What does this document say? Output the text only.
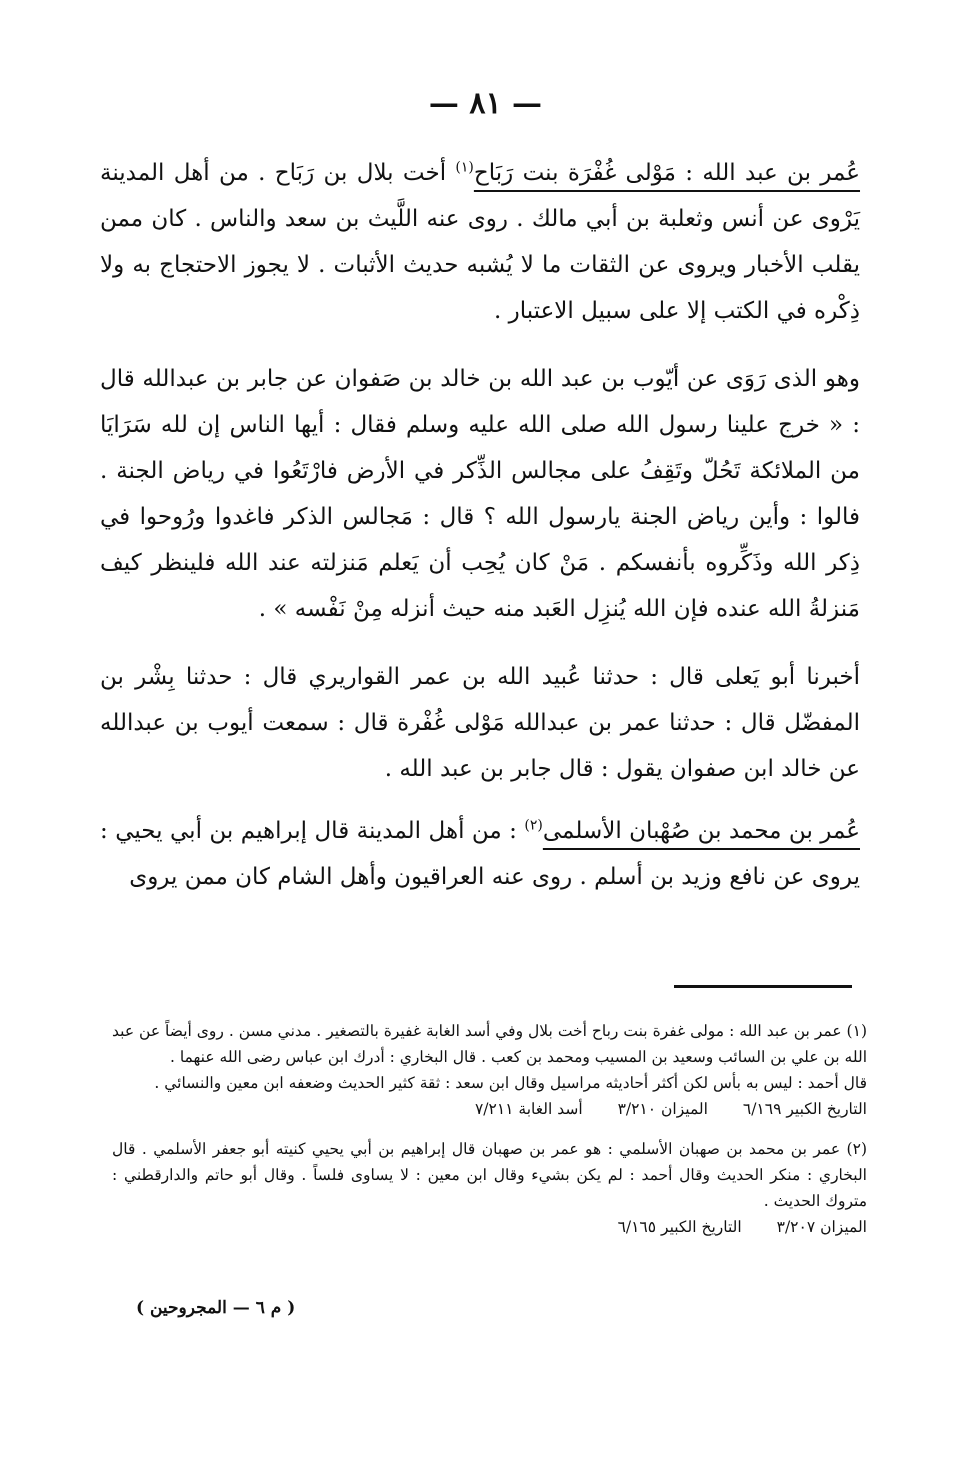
— ٨١ —

عُمر بن عبد الله : مَوْلى غُفْرَة بنت رَبَاح$^{(١)}$ أخت بلال بن رَبَاح . من أهل المدينة يَرْوى عن أنس وثعلبة بن أبي مالك . روى عنه اللَّيث بن سعد والناس . كان ممن يقلب الأخبار ويروى عن الثقات ما لا يُشبه حديث الأثبات . لا يجوز الاحتجاج به ولا ذِكْره في الكتب إلا على سبيل الاعتبار .

وهو الذى رَوَى عن أيّوب بن عبد الله بن خالد بن صَفوان عن جابر بن عبدالله قال : « خرج علينا رسول الله صلى الله عليه وسلم فقال : أيها الناس إن لله سَرَايَا من الملائكة تَحُلّ وتَقِفُ على مجالس الذِّكر في الأرض فارْتَعُوا في رياض الجنة . فالوا : وأين رياض الجنة يارسول الله ؟ قال : مَجالس الذكر فاغدوا ورُوحوا في ذِكر الله وذَكِّروه بأنفسكم . مَنْ كان يُحِب أن يَعلم مَنزلته عند الله فلينظر كيف مَنزلةُ الله عنده فإن الله يُنزِل العَبد منه حيث أنزله مِنْ نَفْسه » .

أخبرنا أبو يَعلى قال : حدثنا عُبيد الله بن عمر القواريري قال : حدثنا بِشْر بن المفضّل قال : حدثنا عمر بن عبدالله مَوْلى غُفْرة قال : سمعت أيوب بن عبدالله عن خالد ابن صفوان يقول : قال جابر بن عبد الله .

عُمر بن محمد بن صُهْبان الأسلمى$^{(٢)}$ : من أهل المدينة قال إبراهيم بن أبي يحيي : يروى عن نافع وزيد بن أسلم . روى عنه العراقيون وأهل الشام كان ممن يروى

(١) عمر بن عبد الله : مولى غفرة بنت رباح أخت بلال وفي أسد الغابة غفيرة بالتصغير . مدني مسن . روى أيضاً عن عبد الله بن علي بن السائب وسعيد بن المسيب ومحمد بن كعب . قال البخاري : أدرك ابن عباس رضى الله عنهما .
قال أحمد : ليس به بأس لكن أكثر أحاديثه مراسيل وقال ابن سعد : ثقة كثير الحديث وضعفه ابن معين والنسائي .
التاريخ الكبير ٦/١٦٩ الميزان ٣/٢١٠ أسد الغابة ٧/٢١١

(٢) عمر بن محمد بن صهبان الأسلمي : هو عمر بن صهبان قال إبراهيم بن أبي يحيي كنيته أبو جعفر الأسلمي . قال البخاري : منكر الحديث وقال أحمد : لم يكن بشيء وقال ابن معين : لا يساوى فلساً . وقال أبو حاتم والدارقطني : متروك الحديث .
الميزان ٣/٢٠٧ التاريخ الكبير ٦/١٦٥

( م ٦ — المجروحين )
